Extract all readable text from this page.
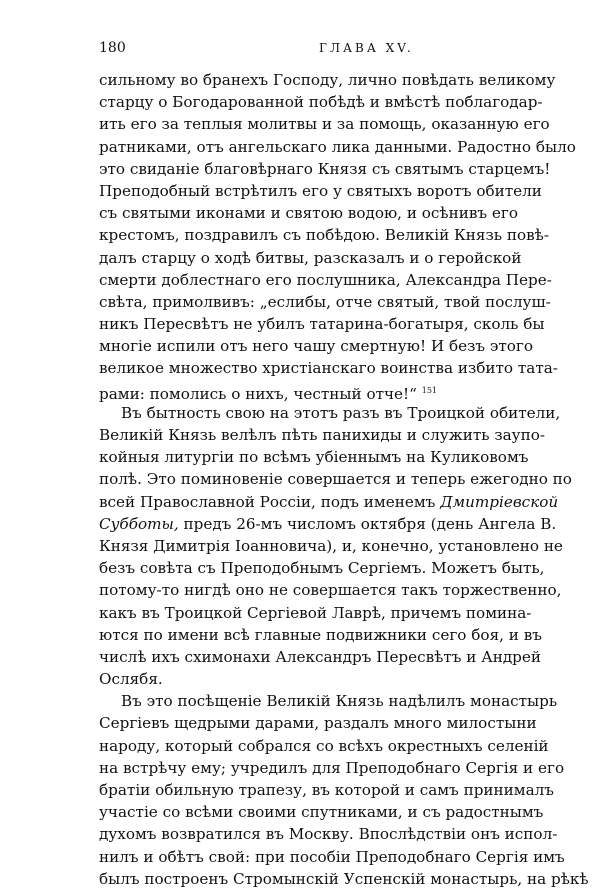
180	ГЛАВА XV.
сильному во бранехъ Господу, лично повѣдать великому
старцу о Богодарованной побѣдѣ и вмѣстѣ поблагодар-
ить его за теплыя молитвы и за помощь, оказанную его
ратниками, отъ ангельскаго лика данными. Радостно было
это свиданіе благовѣрнаго Князя съ святымъ старцемъ!
Преподобный встрѣтилъ его у святыхъ воротъ обители
съ святыми иконами и святою водою, и осѣнивъ его
крестомъ, поздравилъ съ побѣдою. Великій Князь повѣ-
далъ старцу о ходѣ битвы, разсказалъ и о геройской
смерти доблестнаго его послушника, Александра Пере-
свѣта, примолвивъ: „еслибы, отче святый, твой послуш-
никъ Пересвѣтъ не убилъ татарина-богатыря, сколь бы
многіе испили отъ него чашу смертную! И безъ этого
великое множество христіанскаго воинства избито тата-
рами: помолись о нихъ, честный отче!“ $^{151}$
Въ бытность свою на этотъ разъ въ Троицкой обители,
Великій Князь велѣлъ пѣть панихиды и служить заупо-
койныя литургіи по всѣмъ убіеннымъ на Куликовомъ
полѣ. Это поминовеніе совершается и теперь ежегодно по
всей Православной Россіи, подъ именемъ Дмитріевской
Субботы, предъ 26-мъ числомъ октября (день Ангела В.
Князя Димитрія Іоанновича), и, конечно, установлено не
безъ совѣта съ Преподобнымъ Сергіемъ. Можетъ быть,
потому-то нигдѣ оно не совершается такъ торжественно,
какъ въ Троицкой Сергіевой Лаврѣ, причемъ помина-
ются по имени всѣ главные подвижники сего боя, и въ
числѣ ихъ схимонахи Александръ Пересвѣтъ и Андрей
Ослябя.
Въ это посѣщеніе Великій Князь надѣлилъ монастырь
Сергіевъ щедрыми дарами, раздалъ много милостыни
народу, который собрался со всѣхъ окрестныхъ селеній
на встрѣчу ему; учредилъ для Преподобнаго Сергія и его
братіи обильную трапезу, въ которой и самъ принималъ
участіе со всѣми своими спутниками, и съ радостнымъ
духомъ возвратился въ Москву. Впослѣдствіи онъ испол-
нилъ и обѣтъ свой: при пособіи Преподобнаго Сергія имъ
былъ построенъ Стромынскій Успенскій монастырь, на рѣкѣ
